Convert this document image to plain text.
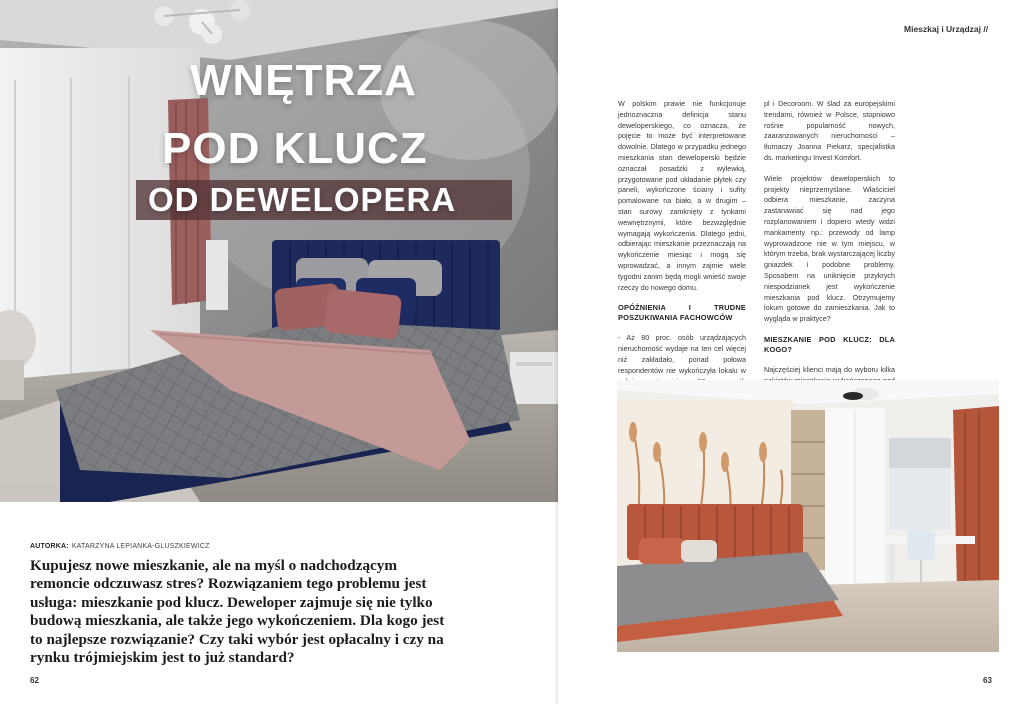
WNĘTRZA
POD KLUCZ
OD DEWELOPERA
AUTORKA: KATARZYNA LEPIANKA-GLUSZKIEWICZ
Kupujesz nowe mieszkanie, ale na myśl o nadchodzącym remoncie odczuwasz stres? Rozwiązaniem tego problemu jest usługa: mieszkanie pod klucz. Deweloper zajmuje się nie tylko budową mieszkania, ale także jego wykończeniem. Dla kogo jest to najlepsze rozwiązanie? Czy taki wybór jest opłacalny i czy na rynku trójmiejskim jest to już standard?
62
Mieszkaj i Urządzaj //

W polskim prawie nie funkcjonuje jednoznaczna definicja stanu deweloperskiego, co oznacza, że pojęcie to może być interpretowane dowolnie. Dlatego w przypadku jednego mieszkania stan deweloperski będzie oznaczał posadzki z wylewką, przygotowane pod układanie płytek czy paneli, wykończone ściany i sufity pomalowane na biało, a w drugim – stan surowy zamknięty z tynkami wewnętrznymi, które bezwzględnie wymagają wykończenia. Dlatego jedni, odbierając mieszkanie przeznaczają na wykończenie miesiąc i mogą się wprowadzać, a innym zajmie wiele tygodni zanim będą mogli wnieść swoje rzeczy do nowego domu.

OPÓŹNIENIA I TRUDNE POSZUKIWANIA FACHOWCÓW

- Aż 80 proc. osób urządzających nieruchomość wydaje na ten cel więcej niż zakładało, ponad połowa respondentów nie wykończyła lokalu w

pl i Decoroom. W ślad za europejskimi trendami, również w Polsce, stopniowo rośnie popularność nowych, zaaranżowanych nieruchomości –tłumaczy Joanna Piekarz, specjalistka ds. marketingu Invest Komfort.

Wiele projektów deweloperskich to projekty nieprzemyślane. Właściciel odbiera mieszkanie, zaczyna zastanawiać się nad jego rozplanowaniem i dopiero wtedy widzi mankamenty np.: przewody od lamp wyprowadzone nie w tym miejscu, w którym trzeba, brak wystarczającej liczby gniazdek i podobne problemy. Sposobem na uniknięcie przykrych niespodzianek jest wykończenie mieszkania pod klucz. Otrzymujemy lokum gotowe do zamieszkania. Jak to wygląda w praktyce?

MIESZKANIE POD KLUCZ: DLA KOGO?

Najczęściej klienci mają do wyboru kilka

63
